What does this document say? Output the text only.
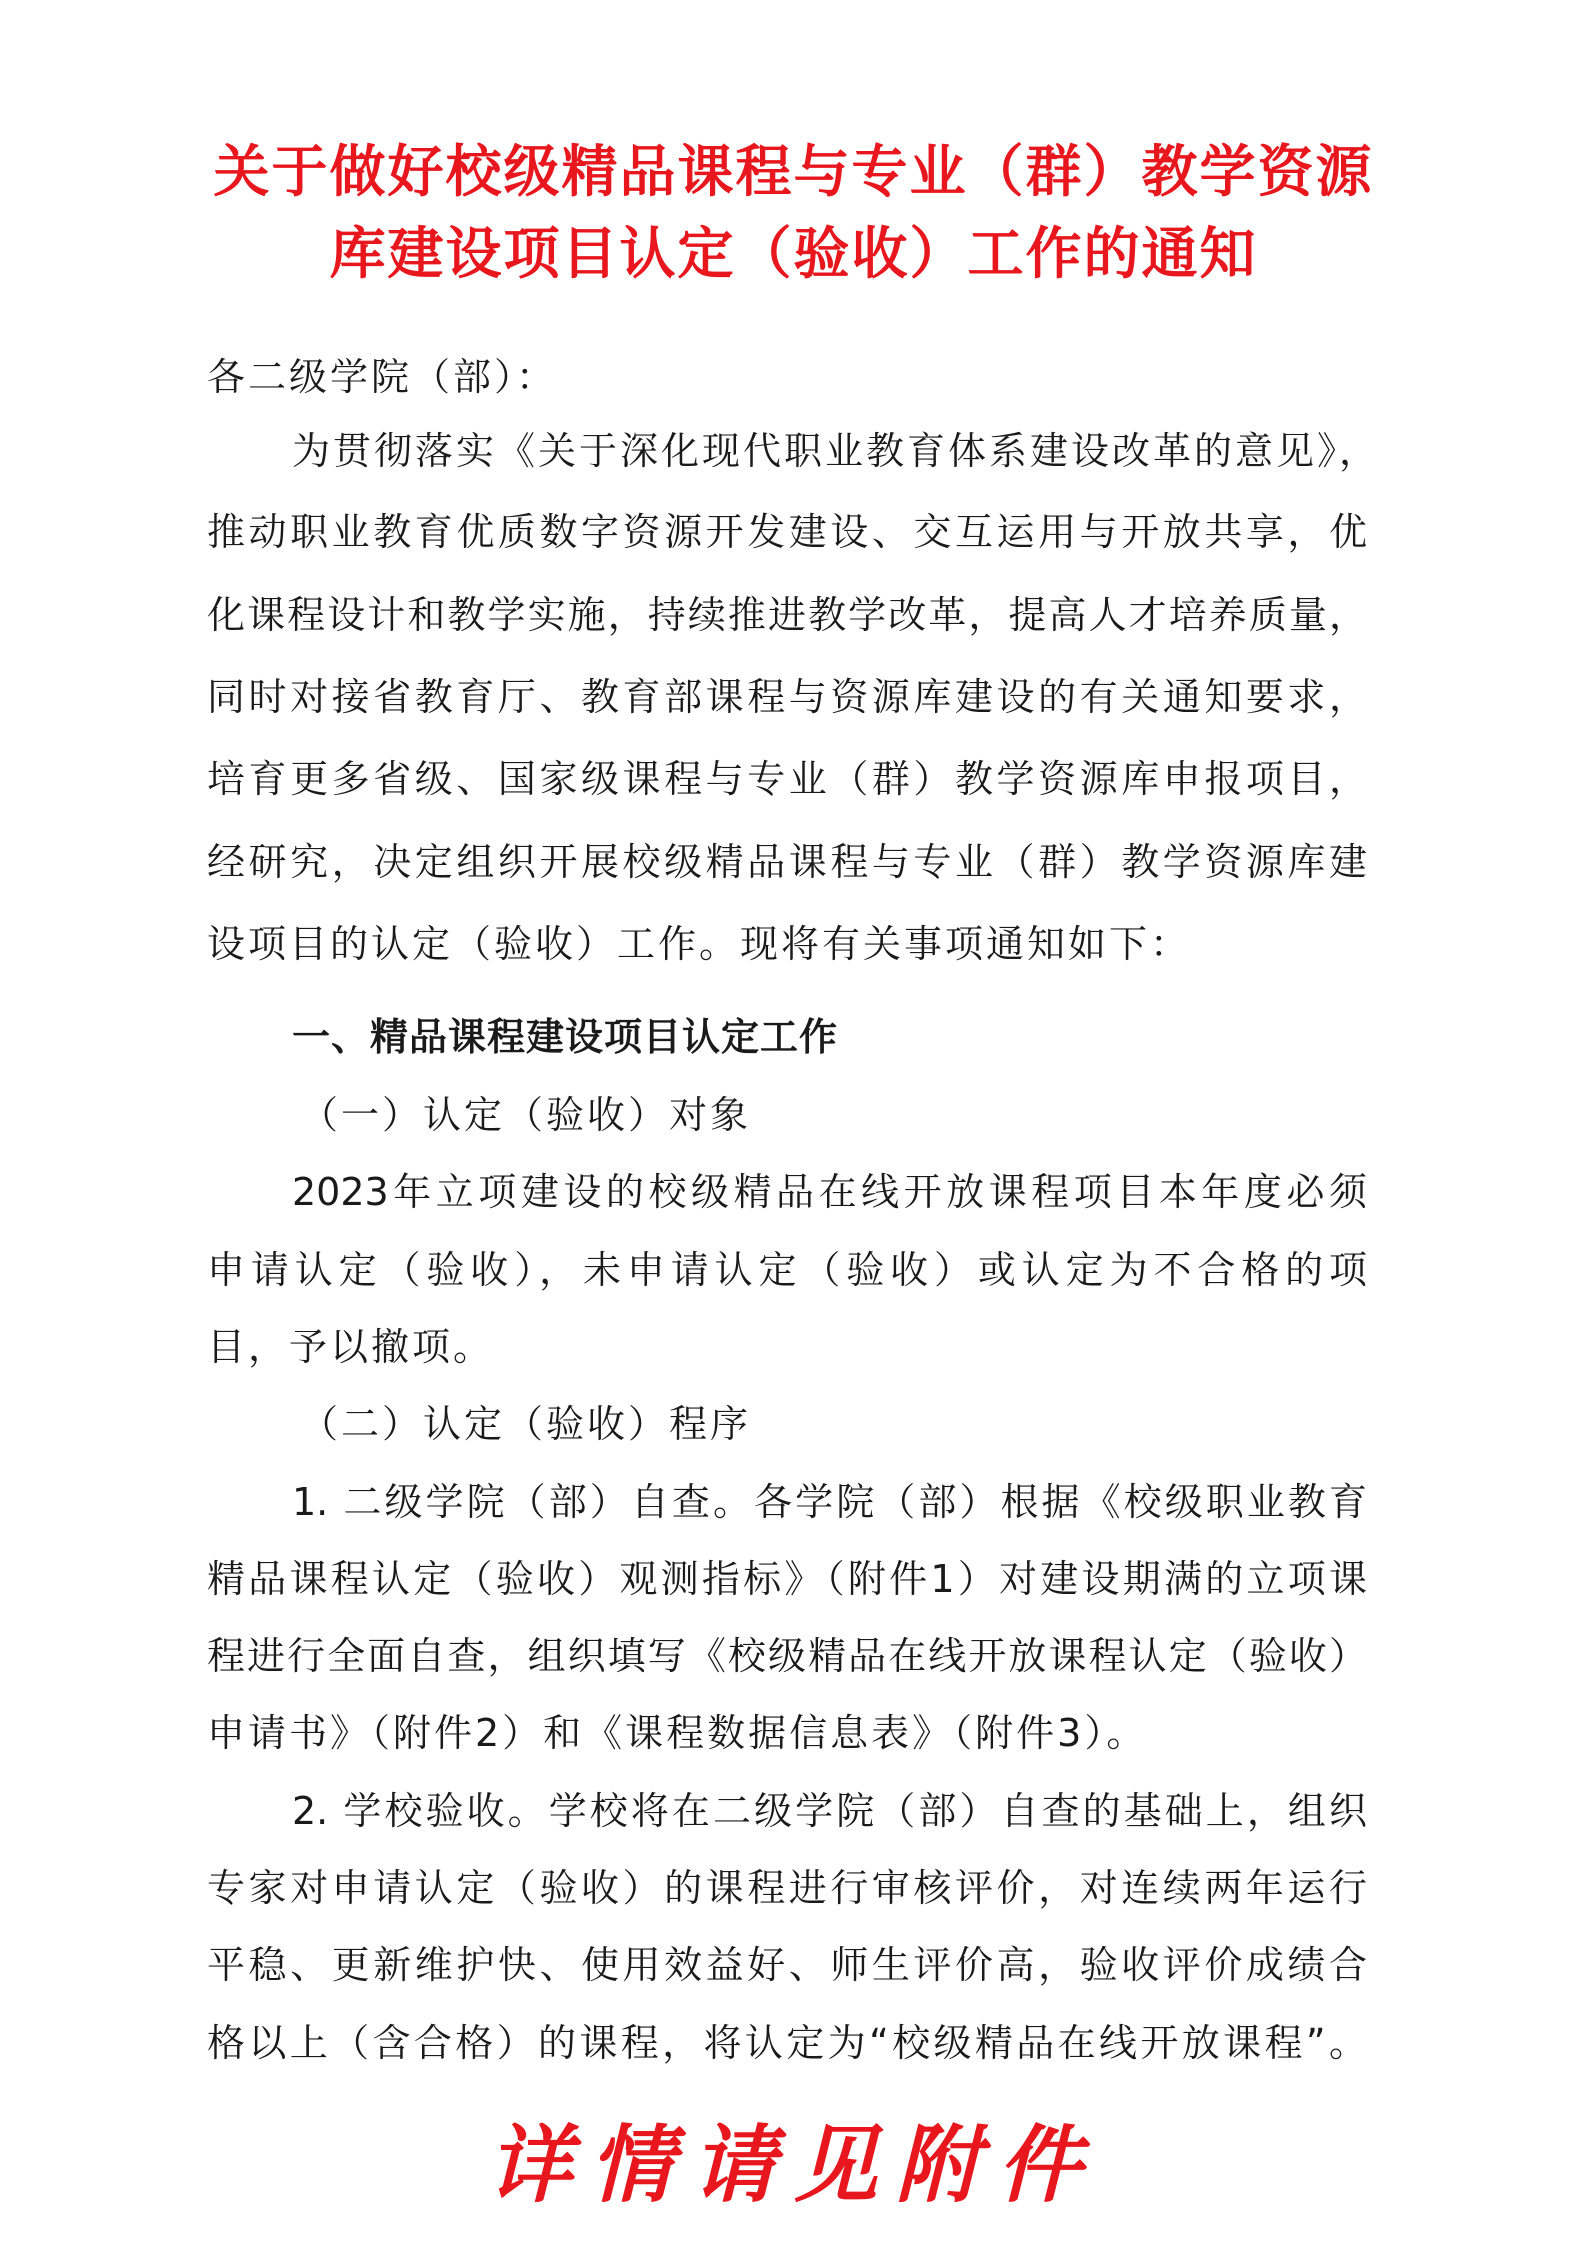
关于做好校级精品课程与专业（群）教学资源
库建设项目认定（验收）工作的通知
各二级学院（部）：
为贯彻落实《关于深化现代职业教育体系建设改革的意见》，
推动职业教育优质数字资源开发建设、交互运用与开放共享，优
化课程设计和教学实施，持续推进教学改革，提高人才培养质量，
同时对接省教育厅、教育部课程与资源库建设的有关通知要求，
培育更多省级、国家级课程与专业（群）教学资源库申报项目，
经研究，决定组织开展校级精品课程与专业（群）教学资源库建
设项目的认定（验收）工作。现将有关事项通知如下：
一、精品课程建设项目认定工作
（一）认定（验收）对象
2023年立项建设的校级精品在线开放课程项目本年度必须
申请认定（验收），未申请认定（验收）或认定为不合格的项
目，予以撤项。
（二）认定（验收）程序
1. 二级学院（部）自查。各学院（部）根据《校级职业教育
精品课程认定（验收）观测指标》（附件1）对建设期满的立项课
程进行全面自查，组织填写《校级精品在线开放课程认定（验收）
申请书》（附件2）和《课程数据信息表》（附件3）。
2. 学校验收。学校将在二级学院（部）自查的基础上，组织
专家对申请认定（验收）的课程进行审核评价，对连续两年运行
平稳、更新维护快、使用效益好、师生评价高，验收评价成绩合
格以上（含合格）的课程，将认定为“校级精品在线开放课程”。
详情请见附件
